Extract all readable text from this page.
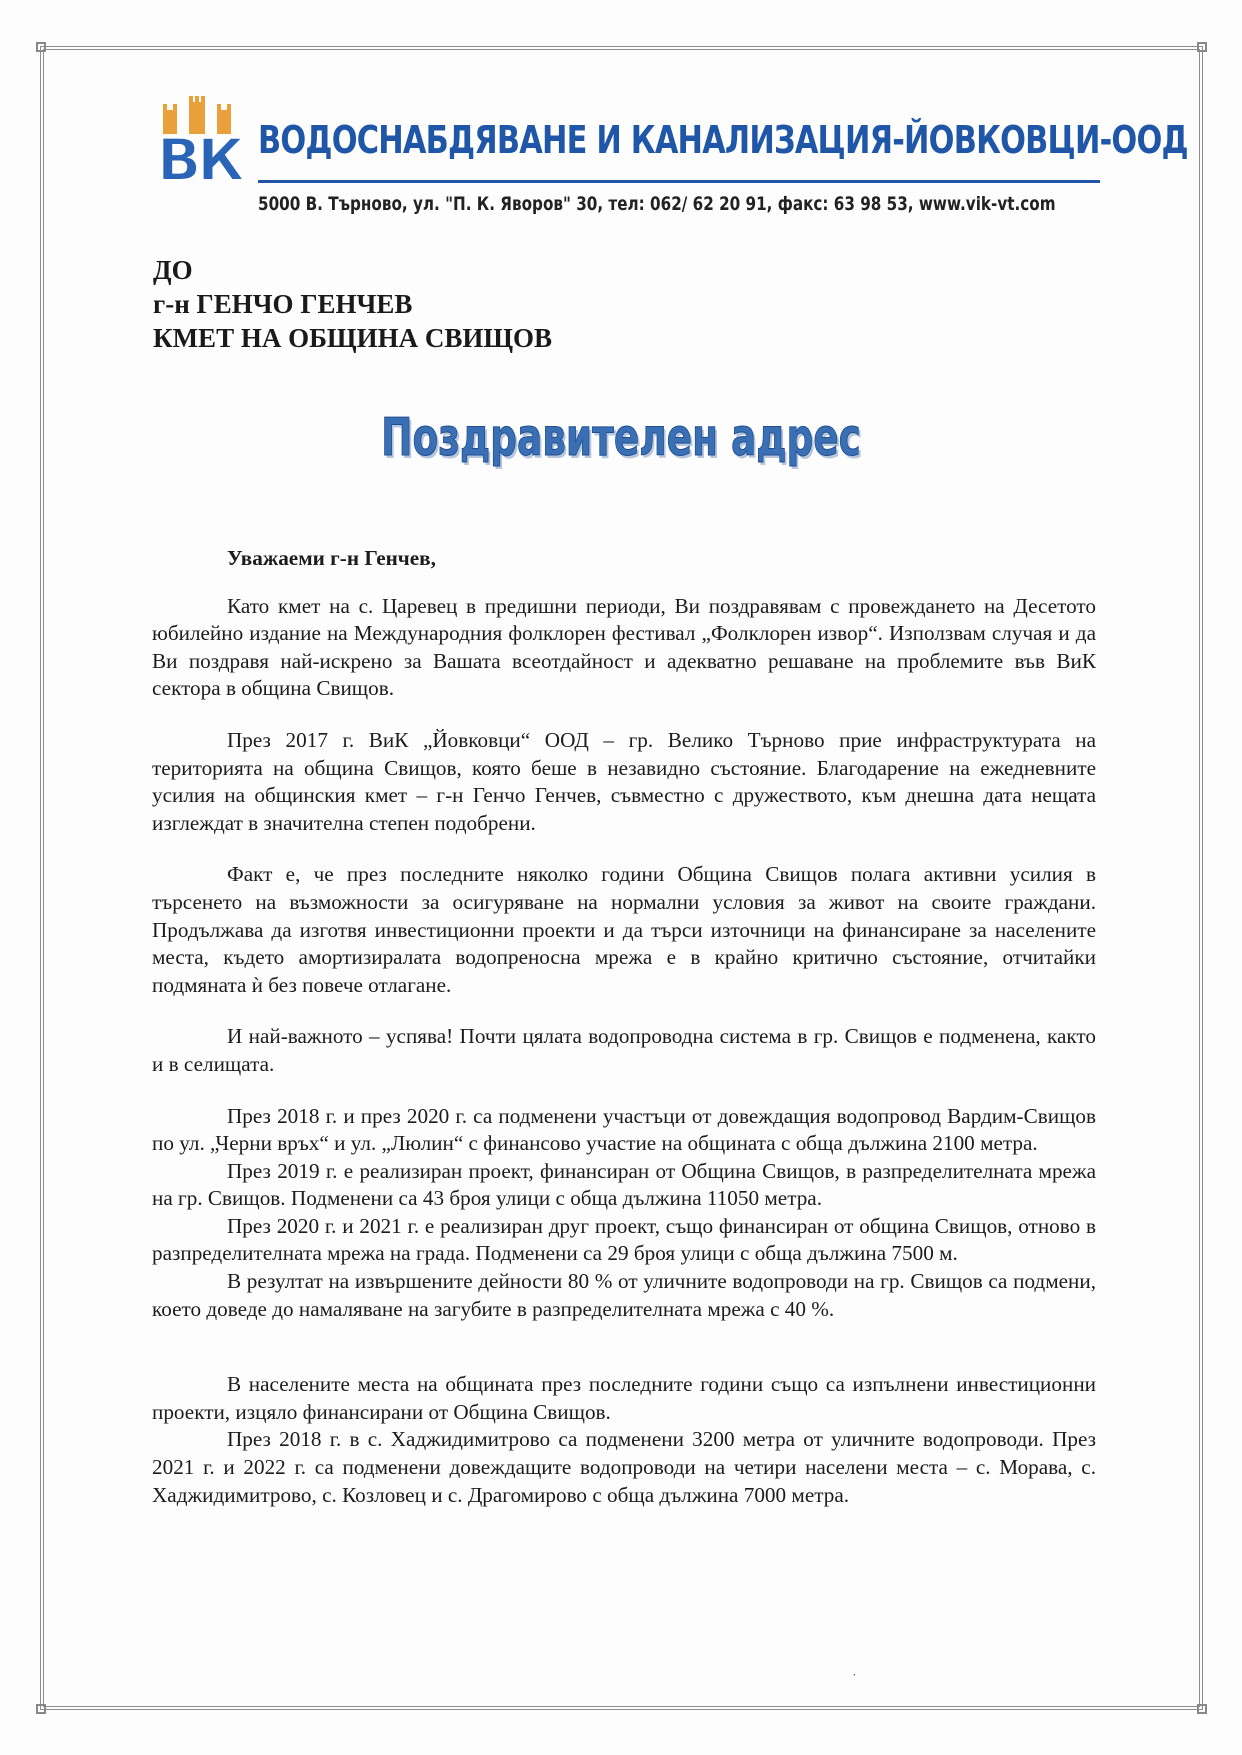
ВК ВОДОСНАБДЯВАНЕ И КАНАЛИЗАЦИЯ-ЙОВКОВЦИ-ООД
5000 В. Търново, ул. "П. К. Яворов" 30, тел: 062/ 62 20 91, факс: 63 98 53, www.vik-vt.com
ДО
г-н ГЕНЧО ГЕНЧЕВ
КМЕТ НА ОБЩИНА СВИЩОВ
Поздравителен адрес
Уважаеми г-н Генчев,

Като кмет на с. Царевец в предишни периоди, Ви поздравявам с провеждането на Десетото юбилейно издание на Международния фолклорен фестивал „Фолклорен извор“. Използвам случая и да Ви поздравя най-искрено за Вашата всеотдайност и адекватно решаване на проблемите във ВиК сектора в община Свищов.

През 2017 г. ВиК „Йовковци“ ООД – гр. Велико Търново прие инфраструктурата на територията на община Свищов, която беше в незавидно състояние. Благодарение на ежедневните усилия на общинския кмет – г-н Генчо Генчев, съвместно с дружеството, към днешна дата нещата изглеждат в значителна степен подобрени.

Факт е, че през последните няколко години Община Свищов полага активни усилия в търсенето на възможности за осигуряване на нормални условия за живот на своите граждани. Продължава да изготвя инвестиционни проекти и да търси източници на финансиране за населените места, където амортизиралата водопреносна мрежа е в крайно критично състояние, отчитайки подмяната ѝ без повече отлагане.

И най-важното – успява! Почти цялата водопроводна система в гр. Свищов е подменена, както и в селищата.

През 2018 г. и през 2020 г. са подменени участъци от довеждащия водопровод Вардим-Свищов по ул. „Черни връх“ и ул. „Люлин“ с финансово участие на общината с обща дължина 2100 метра.

През 2019 г. е реализиран проект, финансиран от Община Свищов, в разпределителната мрежа на гр. Свищов. Подменени са 43 броя улици с обща дължина 11050 метра.

През 2020 г. и 2021 г. е реализиран друг проект, също финансиран от община Свищов, отново в разпределителната мрежа на града. Подменени са 29 броя улици с обща дължина 7500 м.

В резултат на извършените дейности 80 % от уличните водопроводи на гр. Свищов са подмени, което доведе до намаляване на загубите в разпределителната мрежа с 40 %.

В населените места на общината през последните години също са изпълнени инвестиционни проекти, изцяло финансирани от Община Свищов.

През 2018 г. в с. Хаджидимитрово са подменени 3200 метра от уличните водопроводи. През 2021 г. и 2022 г. са подменени довеждащите водопроводи на четири населени места – с. Морава, с. Хаджидимитрово, с. Козловец и с. Драгомирово с обща дължина 7000 метра.

˙
